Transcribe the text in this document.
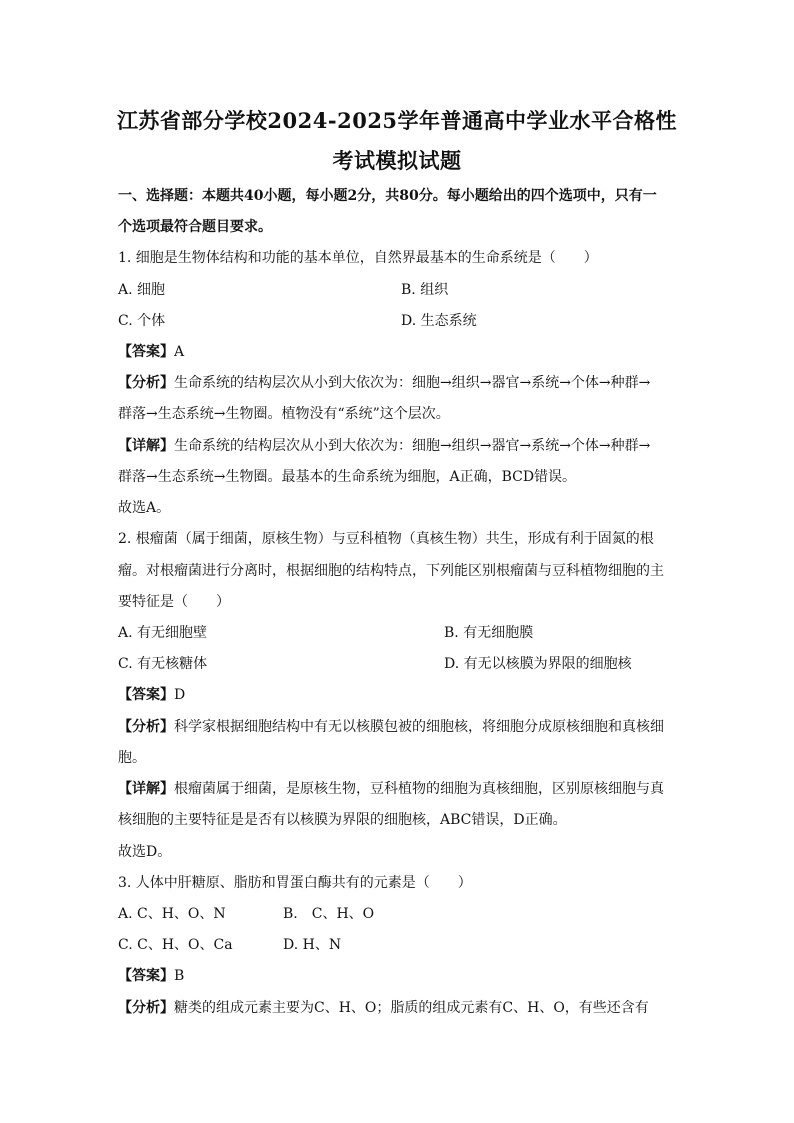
江苏省部分学校2024-2025学年普通高中学业水平合格性
考试模拟试题
一、选择题：本题共40小题，每小题2分，共80分。每小题给出的四个选项中，只有一
个选项最符合题目要求。
1. 细胞是生物体结构和功能的基本单位，自然界最基本的生命系统是（　　）
A. 细胞	B. 组织
C. 个体	D. 生态系统
【答案】A
【分析】生命系统的结构层次从小到大依次为：细胞→组织→器官→系统→个体→种群→
群落→生态系统→生物圈。植物没有“系统”这个层次。
【详解】生命系统的结构层次从小到大依次为：细胞→组织→器官→系统→个体→种群→
群落→生态系统→生物圈。最基本的生命系统为细胞，A正确，BCD错误。
故选A。
2. 根瘤菌（属于细菌，原核生物）与豆科植物（真核生物）共生，形成有利于固氮的根
瘤。对根瘤菌进行分离时，根据细胞的结构特点，下列能区别根瘤菌与豆科植物细胞的主
要特征是（　　）
A. 有无细胞壁	B. 有无细胞膜
C. 有无核糖体	D. 有无以核膜为界限的细胞核
【答案】D
【分析】科学家根据细胞结构中有无以核膜包被的细胞核，将细胞分成原核细胞和真核细
胞。
【详解】根瘤菌属于细菌，是原核生物，豆科植物的细胞为真核细胞，区别原核细胞与真
核细胞的主要特征是是否有以核膜为界限的细胞核，ABC错误，D正确。
故选D。
3. 人体中肝糖原、脂肪和胃蛋白酶共有的元素是（　　）
A. C、H、O、N	B.　C、H、O
C. C、H、O、Ca	D. H、N
【答案】B
【分析】糖类的组成元素主要为C、H、O；脂质的组成元素有C、H、O，有些还含有
